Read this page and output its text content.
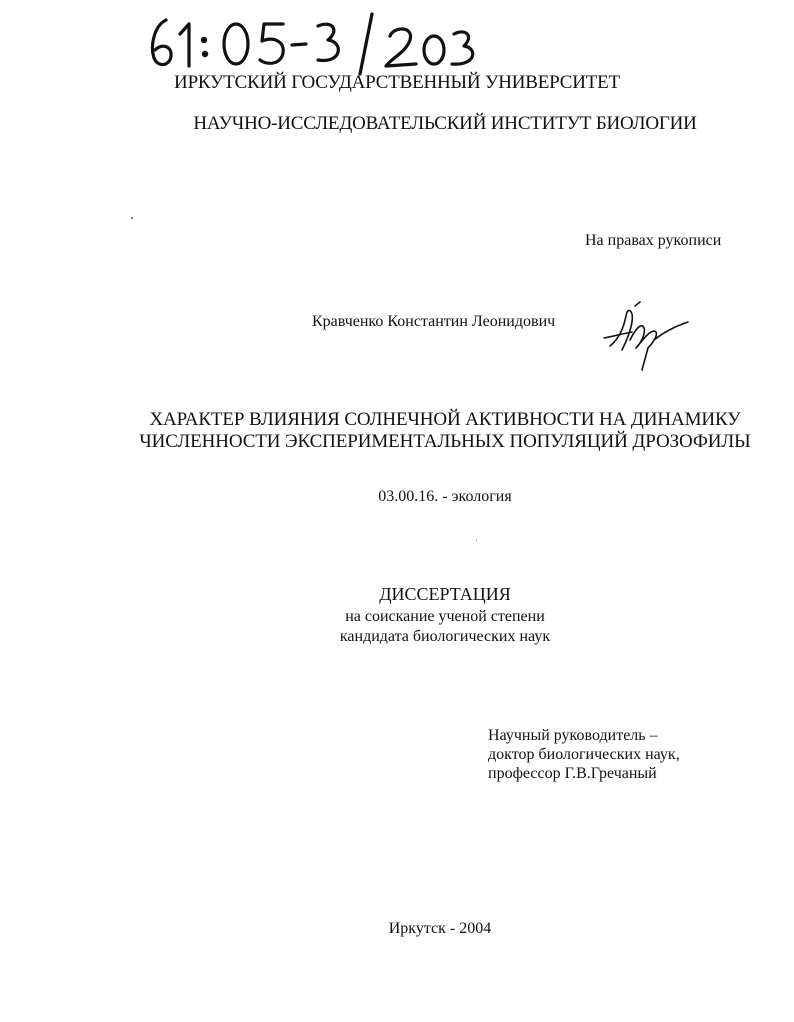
ИРКУТСКИЙ ГОСУДАРСТВЕННЫЙ УНИВЕРСИТЕТ
НАУЧНО-ИССЛЕДОВАТЕЛЬСКИЙ ИНСТИТУТ БИОЛОГИИ
На правах рукописи
Кравченко Константин Леонидович
ХАРАКТЕР ВЛИЯНИЯ СОЛНЕЧНОЙ АКТИВНОСТИ НА ДИНАМИКУ
ЧИСЛЕННОСТИ ЭКСПЕРИМЕНТАЛЬНЫХ ПОПУЛЯЦИЙ ДРОЗОФИЛЫ
03.00.16. - экология
ДИССЕРТАЦИЯ
на соискание ученой степени
кандидата биологических наук
Научный руководитель –
доктор биологических наук,
профессор Г.В.Гречаный
Иркутск - 2004
